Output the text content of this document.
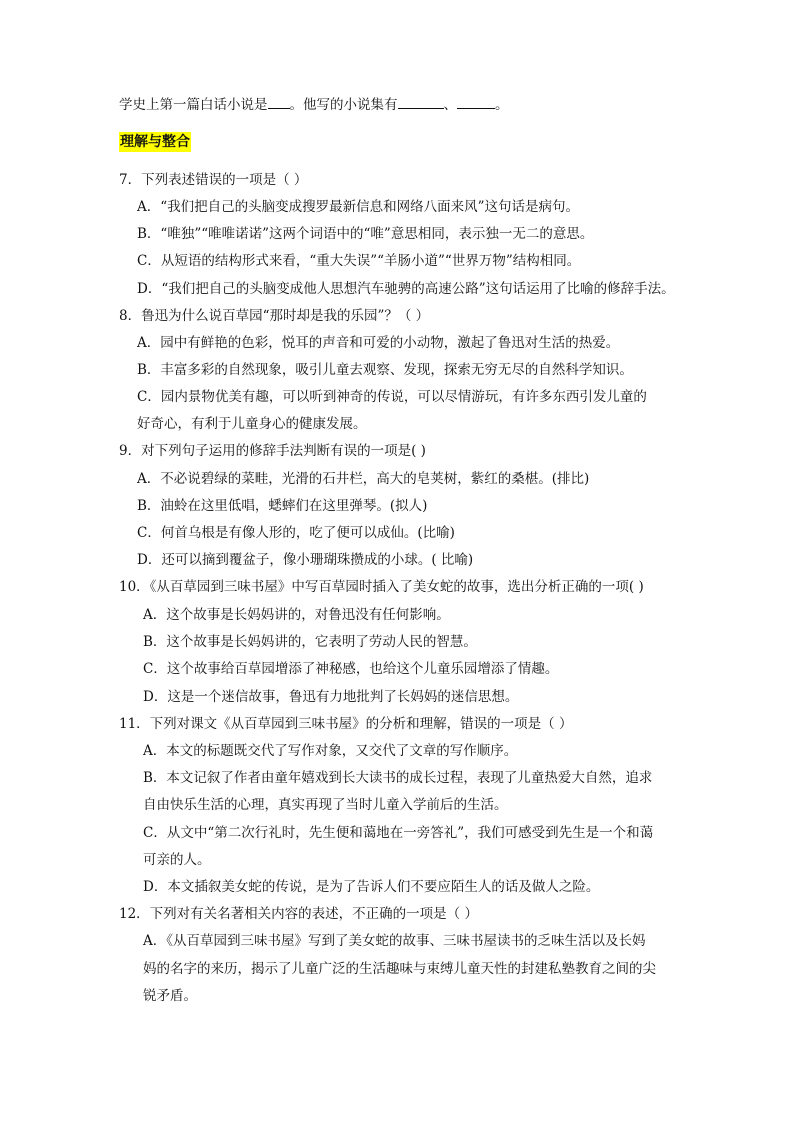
学史上第一篇白话小说是 。他写的小说集有	、	。
理解与整合
7．下列表述错误的一项是（ ）
A．“我们把自己的头脑变成搜罗最新信息和网络八面来风”这句话是病句。
B．“唯独”“唯唯诺诺”这两个词语中的“唯”意思相同，表示独一无二的意思。
C．从短语的结构形式来看，“重大失误”“羊肠小道”“世界万物”结构相同。
D．“我们把自己的头脑变成他人思想汽车驰骋的高速公路”这句话运用了比喻的修辞手法。
8．鲁迅为什么说百草园“那时却是我的乐园”？（ ）
A．园中有鲜艳的色彩，悦耳的声音和可爱的小动物，激起了鲁迅对生活的热爱。
B．丰富多彩的自然现象，吸引儿童去观察、发现，探索无穷无尽的自然科学知识。
C．园内景物优美有趣，可以听到神奇的传说，可以尽情游玩，有许多东西引发儿童的
好奇心，有利于儿童身心的健康发展。
9．对下列句子运用的修辞手法判断有误的一项是( )
A．不必说碧绿的菜畦，光滑的石井栏，高大的皂荚树，紫红的桑椹。(排比)
B．油蛉在这里低唱，蟋蟀们在这里弹琴。(拟人)
C．何首乌根是有像人形的，吃了便可以成仙。(比喻)
D．还可以摘到覆盆子，像小珊瑚珠攒成的小球。( 比喻)
10．《从百草园到三味书屋》中写百草园时插入了美女蛇的故事，选出分析正确的一项( )
A．这个故事是长妈妈讲的，对鲁迅没有任何影响。
B．这个故事是长妈妈讲的，它表明了劳动人民的智慧。
C．这个故事给百草园增添了神秘感，也给这个儿童乐园增添了情趣。
D．这是一个迷信故事，鲁迅有力地批判了长妈妈的迷信思想。
11．下列对课文《从百草园到三味书屋》的分析和理解，错误的一项是（ ）
A．本文的标题既交代了写作对象，又交代了文章的写作顺序。
B．本文记叙了作者由童年嬉戏到长大读书的成长过程，表现了儿童热爱大自然，追求
自由快乐生活的心理，真实再现了当时儿童入学前后的生活。
C．从文中“第二次行礼时，先生便和蔼地在一旁答礼”，我们可感受到先生是一个和蔼
可亲的人。
D．本文插叙美女蛇的传说，是为了告诉人们不要应陌生人的话及做人之险。
12．下列对有关名著相关内容的表述，不正确的一项是（ ）
A．《从百草园到三味书屋》写到了美女蛇的故事、三味书屋读书的乏味生活以及长妈
妈的名字的来历，揭示了儿童广泛的生活趣味与束缚儿童天性的封建私塾教育之间的尖
锐矛盾。
